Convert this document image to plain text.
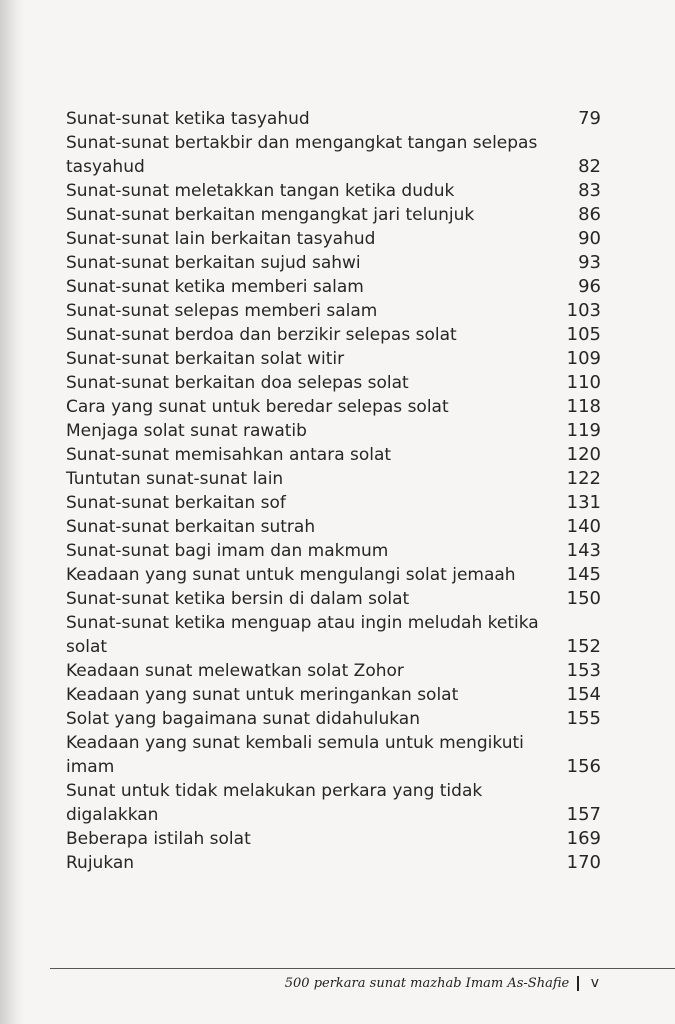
Sunat-sunat ketika tasyahud	79
Sunat-sunat bertakbir dan mengangkat tangan selepas
tasyahud	82
Sunat-sunat meletakkan tangan ketika duduk	83
Sunat-sunat berkaitan mengangkat jari telunjuk	86
Sunat-sunat lain berkaitan tasyahud	90
Sunat-sunat berkaitan sujud sahwi	93
Sunat-sunat ketika memberi salam	96
Sunat-sunat selepas memberi salam	103
Sunat-sunat berdoa dan berzikir selepas solat	105
Sunat-sunat berkaitan solat witir	109
Sunat-sunat berkaitan doa selepas solat	110
Cara yang sunat untuk beredar selepas solat	118
Menjaga solat sunat rawatib	119
Sunat-sunat memisahkan antara solat	120
Tuntutan sunat-sunat lain	122
Sunat-sunat berkaitan sof	131
Sunat-sunat berkaitan sutrah	140
Sunat-sunat bagi imam dan makmum	143
Keadaan yang sunat untuk mengulangi solat jemaah	145
Sunat-sunat ketika bersin di dalam solat	150
Sunat-sunat ketika menguap atau ingin meludah ketika
solat	152
Keadaan sunat melewatkan solat Zohor	153
Keadaan yang sunat untuk meringankan solat	154
Solat yang bagaimana sunat didahulukan	155
Keadaan yang sunat kembali semula untuk mengikuti
imam	156
Sunat untuk tidak melakukan perkara yang tidak
digalakkan	157
Beberapa istilah solat	169
Rujukan	170
500 perkara sunat mazhab Imam As-Shafie v
